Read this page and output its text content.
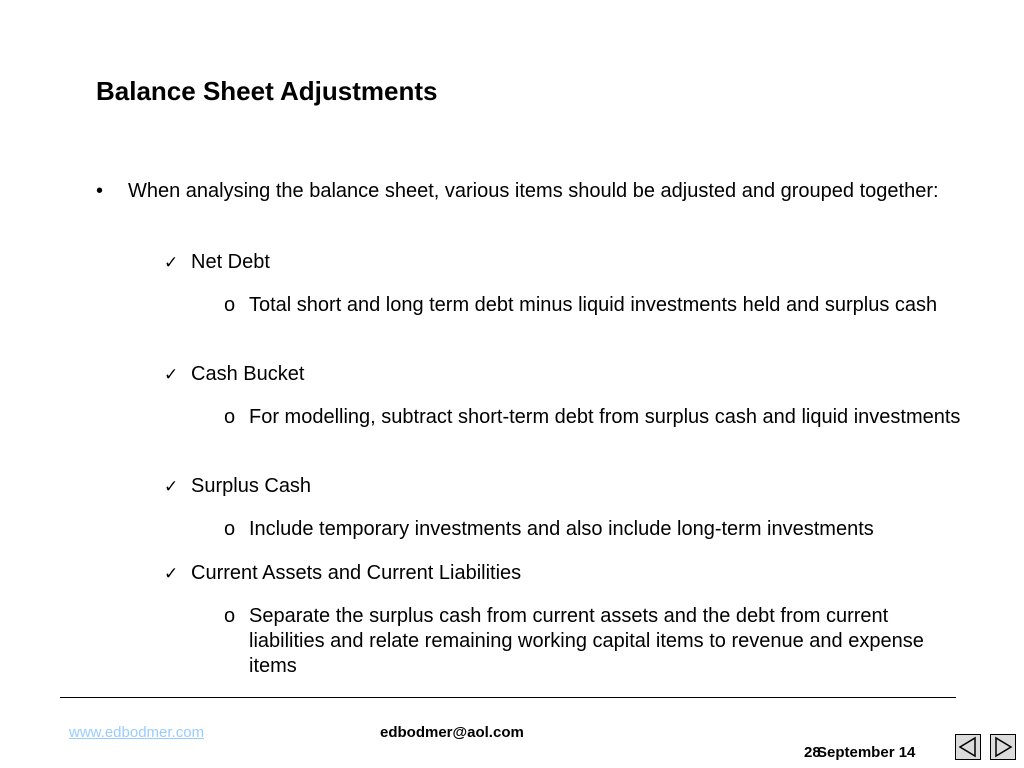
Balance Sheet Adjustments
• When analysing the balance sheet, various items should be adjusted and grouped together:
✓ Net Debt
o Total short and long term debt minus liquid investments held and surplus cash
✓ Cash Bucket
o For modelling, subtract short-term debt from surplus cash and liquid investments
✓ Surplus Cash
o Include temporary investments and also include long-term investments
✓ Current Assets and Current Liabilities
o Separate the surplus cash from current assets and the debt from current liabilities and relate remaining working capital items to revenue and expense items
www.edbodmer.com	edbodmer@aol.com
28
September 14
